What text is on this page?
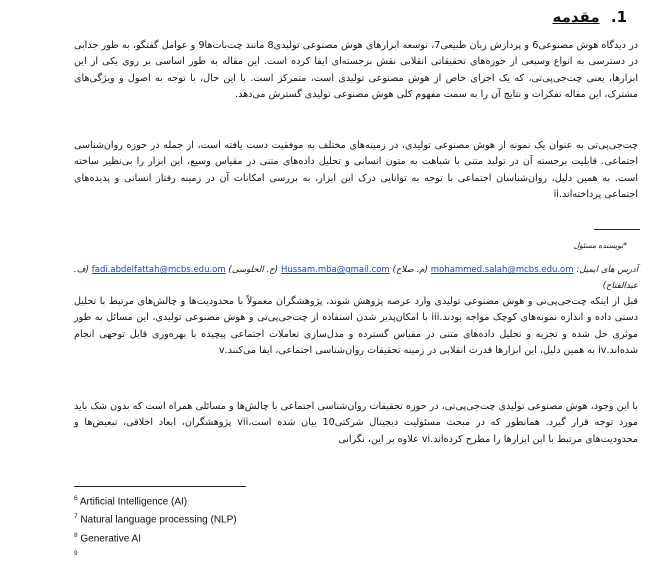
1. مقدمه
در دیدگاه هوش مصنوعی6 و پردازش زبان طبیعی7، توسعه ابزارهای هوش مصنوعی تولیدی8 مانند چت‌بات‌ها9 و عوامل گفتگو، به طور جذابی در دسترسی به انواع وسیعی از حوزه‌های تحقیقاتی انقلابی نقش برجسته‌ای ایفا کرده است. این مقاله به طور اساسی بر روی یکی از این ابزارها، یعنی چت‌جی‌پی‌تی، که یک اجرای خاص از هوش مصنوعی تولیدی است، متمرکز است. با این حال، با توجه به اصول و ویژگی‌های مشترک، این مقاله تفکرات و نتایج آن را به سمت مفهوم کلی هوش مصنوعی تولیدی گسترش می‌دهد.
چت‌جی‌پی‌تی به عنوان یک نمونه از هوش مصنوعی تولیدی، در زمینه‌های مختلف به موفقیت دست یافته است، از جمله در حوزه روان‌شناسی اجتماعی. قابلیت برجسته آن در تولید متنی با شباهت به متون انسانی و تحلیل داده‌های متنی در مقیاس وسیع، این ابزار را بی‌نظیر ساخته است. به همین دلیل، روان‌شناسان اجتماعی با توجه به توانایی درک این ابزار، به بررسی امکانات آن در زمینه رفتار انسانی و پدیده‌های اجتماعی پرداخته‌اند.ii
*نویسنده مسئول
آدرس های ایمیل: mohammed.salah@mcbs.edu.om (م. صلاح) Hussam.mba@gmail.com (ح. الحلوسی) fadi.abdelfattah@mcbs.edu.om (ف. عبدالفتاح)
قبل از اینکه چت‌جی‌پی‌تی و هوش مصنوعی تولیدی وارد عرصه پژوهش شوند، پژوهشگران معمولاً با محدودیت‌ها و چالش‌های مرتبط با تحلیل دستی داده و اندازه نمونه‌های کوچک مواجه بودند.iii با امکان‌پذیر شدن استفاده از چت‌جی‌پی‌تی و هوش مصنوعی تولیدی، این مسائل به طور موثری حل شده و تجزیه و تحلیل داده‌های متنی در مقیاس گسترده و مدل‌سازی تعاملات اجتماعی پیچیده با بهره‌وری قابل توجهی انجام شده‌اند.iv به همین دلیل، این ابزارها قدرت انقلابی در زمینه تحقیقات روان‌شناسی اجتماعی، ایفا می‌کنند.v
با این وجود، هوش مصنوعی تولیدی چت‌جی‌پی‌تی، در حوزه تحقیقات روان‌شناسی اجتماعی با چالش‌ها و مسائلی همراه است که بدون شک باید مورد توجه قرار گیرد. همانطور که در مبحث مسئولیت دیجیتال شرکتی10 بیان شده است،vii پژوهشگران، ابعاد اخلاقی، تبعیض‌ها و محدودیت‌های مرتبط با این ابزارها را مطرح کرده‌اند.vi علاوه بر این، نگرانی
$^6$ Artificial Intelligence (AI)
$^7$ Natural language processing (NLP)
$^8$ Generative AI
$^9$
